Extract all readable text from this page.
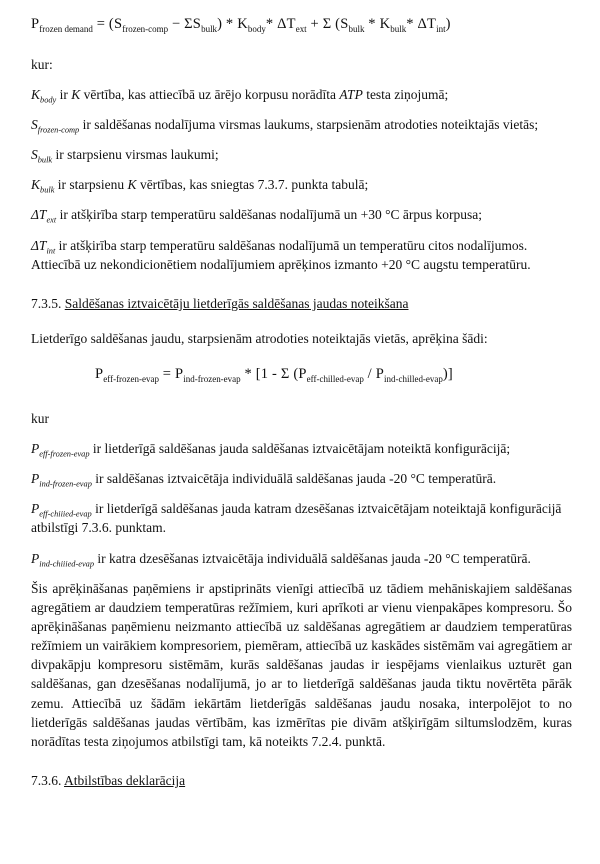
$P_{frozen demand} = (S_{frozen-comp} - \Sigma S_{bulk}) * K_{body}*$ $\Delta T_{ext} + \Sigma$ ($S_{bulk} * K_{bulk}*$ $\Delta T_{int}$)
kur:
$K_{body}$ ir K vērtība, kas attiecībā uz ārējo korpusu norādīta ATP testa ziņojumā;
$S_{frozen-comp}$ ir saldēšanas nodalījuma virsmas laukums, starpsienām atrodoties noteiktajās vietās;
$S_{bulk}$ ir starpsienu virsmas laukumi;
$K_{bulk}$ ir starpsienu K vērtības, kas sniegtas 7.3.7. punkta tabulā;
$\Delta T_{ext}$ ir atšķirība starp temperatūru saldēšanas nodalījumā un +30 °C ārpus korpusa;
$\Delta T_{int}$ ir atšķirība starp temperatūru saldēšanas nodalījumā un temperatūru citos nodalījumos. Attiecībā uz nekondicionētiem nodalījumiem aprēķinos izmanto +20 °C augstu temperatūru.
7.3.5. Saldēšanas iztvaicētāju lietderīgās saldēšanas jaudas noteikšana
Lietderīgo saldēšanas jaudu, starpsienām atrodoties noteiktajās vietās, aprēķina šādi:
$P_{eff-frozen-evap} = P_{ind-frozen-evap} * [1 - \Sigma$ $(P_{eff-chilled-evap} / P_{ind-chilled-evap})$]
kur
$P_{eff-frozen-evap}$ ir lietderīgā saldēšanas jauda saldēšanas iztvaicētājam noteiktā konfigurācijā;
$P_{ind-frozen-evap}$ ir saldēšanas iztvaicētāja individuālā saldēšanas jauda -20 °C temperatūrā.
$P_{eff-chiiied-evap}$ ir lietderīgā saldēšanas jauda katram dzesēšanas iztvaicētājam noteiktajā konfigurācijā atbilstīgi 7.3.6. punktam.
$P_{ind-chiiied-evap}$ ir katra dzesēšanas iztvaicētāja individuālā saldēšanas jauda -20 °C temperatūrā.
Šis aprēķināšanas paņēmiens ir apstiprināts vienīgi attiecībā uz tādiem mehāniskajiem saldēšanas agregātiem ar daudziem temperatūras režīmiem, kuri aprīkoti ar vienu vienpakāpes kompresoru. Šo aprēķināšanas paņēmienu neizmanto attiecībā uz saldēšanas agregātiem ar daudziem temperatūras režīmiem un vairākiem kompresoriem, piemēram, attiecībā uz kaskādes sistēmām vai agregātiem ar divpakāpju kompresoru sistēmām, kurās saldēšanas jaudas ir iespējams vienlaikus uzturēt gan saldēšanas, gan dzesēšanas nodalījumā, jo ar to lietderīgā saldēšanas jauda tiktu novērtēta pārāk zemu. Attiecībā uz šādām iekārtām lietderīgās saldēšanas jaudu nosaka, interpolējot to no lietderīgās saldēšanas jaudas vērtībām, kas izmērītas pie divām atšķirīgām siltumslodzēm, kuras norādītas testa ziņojumos atbilstīgi tam, kā noteikts 7.2.4. punktā.
7.3.6. Atbilstības deklarācija
